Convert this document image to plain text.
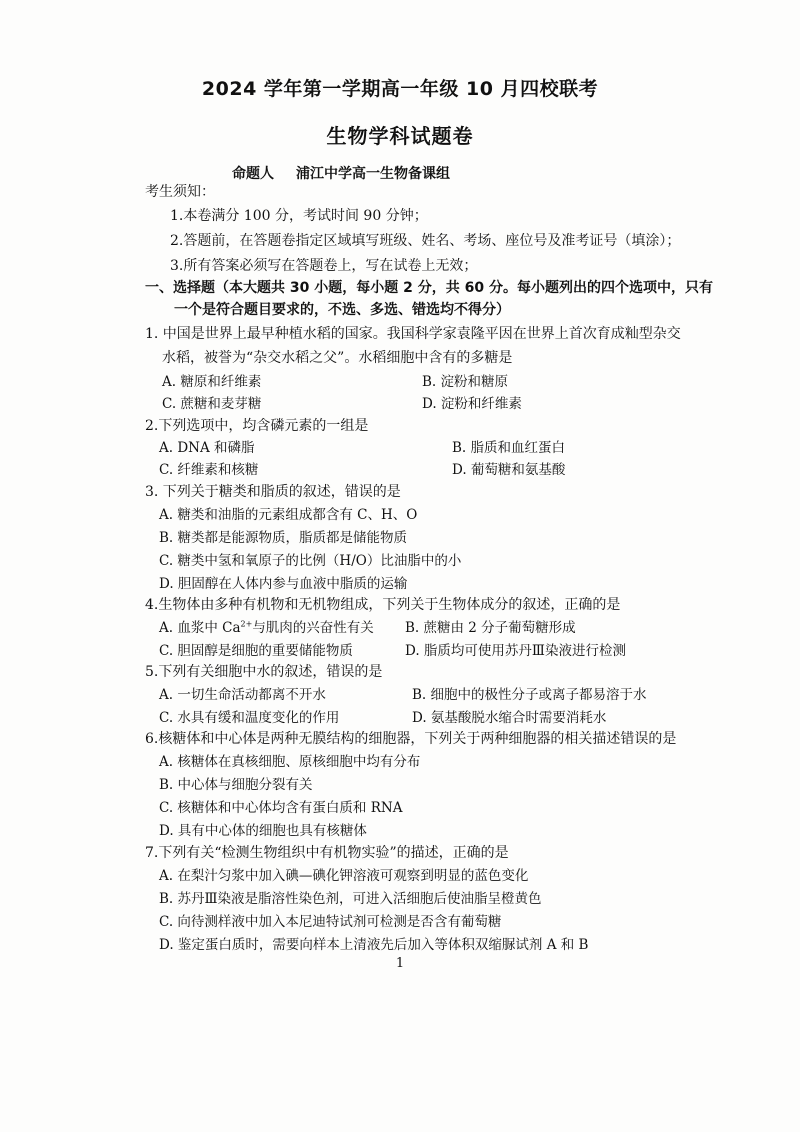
2024 学年第一学期高一年级 10 月四校联考
生物学科试题卷
命题人 浦江中学高一生物备课组
考生须知：
1.本卷满分 100 分，考试时间 90 分钟；
2.答题前，在答题卷指定区域填写班级、姓名、考场、座位号及准考证号（填涂）；
3.所有答案必须写在答题卷上，写在试卷上无效；
一、选择题（本大题共 30 小题，每小题 2 分，共 60 分。每小题列出的四个选项中，只有
一个是符合题目要求的，不选、多选、错选均不得分）
1. 中国是世界上最早种植水稻的国家。我国科学家袁隆平因在世界上首次育成籼型杂交
水稻，被誉为“杂交水稻之父”。水稻细胞中含有的多糖是
A. 糖原和纤维素	B. 淀粉和糖原
C. 蔗糖和麦芽糖	D. 淀粉和纤维素
2.下列选项中，均含磷元素的一组是
A. DNA 和磷脂	B. 脂质和血红蛋白
C. 纤维素和核糖	D. 葡萄糖和氨基酸
3. 下列关于糖类和脂质的叙述，错误的是
A. 糖类和油脂的元素组成都含有 C、H、O
B. 糖类都是能源物质，脂质都是储能物质
C. 糖类中氢和氧原子的比例（H/O）比油脂中的小
D. 胆固醇在人体内参与血液中脂质的运输
4.生物体由多种有机物和无机物组成，下列关于生物体成分的叙述，正确的是
A. 血浆中 $Ca^{2+}$与肌肉的兴奋性有关 B. 蔗糖由 2 分子葡萄糖形成
C. 胆固醇是细胞的重要储能物质	D. 脂质均可使用苏丹Ⅲ染液进行检测
5.下列有关细胞中水的叙述，错误的是
A. 一切生命活动都离不开水	B. 细胞中的极性分子或离子都易溶于水
C. 水具有缓和温度变化的作用	D. 氨基酸脱水缩合时需要消耗水
6.核糖体和中心体是两种无膜结构的细胞器，下列关于两种细胞器的相关描述错误的是
A. 核糖体在真核细胞、原核细胞中均有分布
B. 中心体与细胞分裂有关
C. 核糖体和中心体均含有蛋白质和 RNA
D. 具有中心体的细胞也具有核糖体
7.下列有关“检测生物组织中有机物实验”的描述，正确的是
A. 在梨汁匀浆中加入碘—碘化钾溶液可观察到明显的蓝色变化
B. 苏丹Ⅲ染液是脂溶性染色剂，可进入活细胞后使油脂呈橙黄色
C. 向待测样液中加入本尼迪特试剂可检测是否含有葡萄糖
D. 鉴定蛋白质时，需要向样本上清液先后加入等体积双缩脲试剂 A 和 B
1
